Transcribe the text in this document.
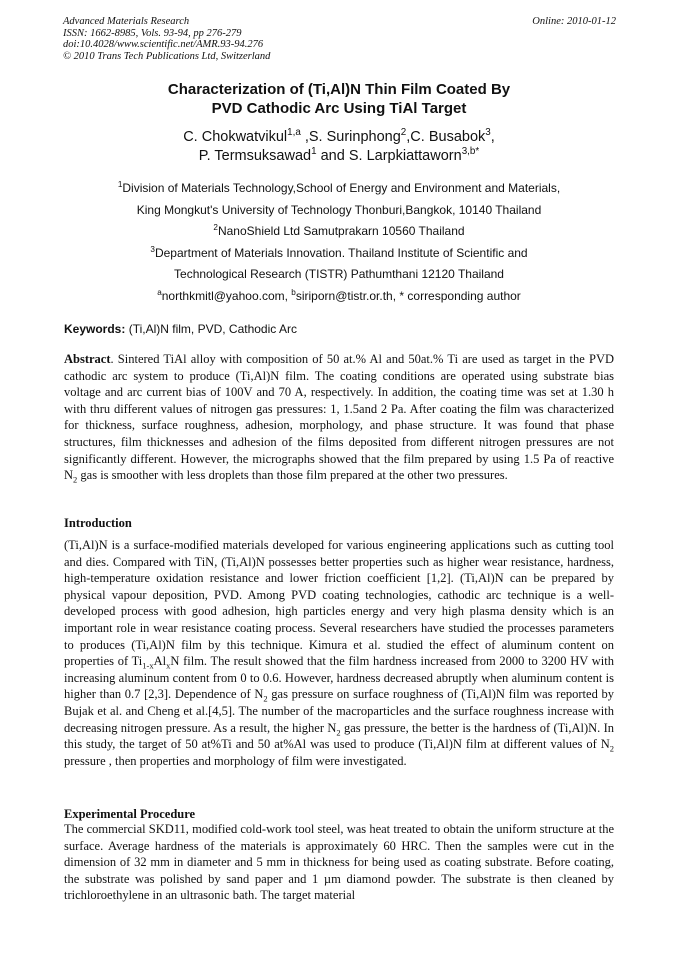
Advanced Materials Research
ISSN: 1662-8985, Vols. 93-94, pp 276-279
doi:10.4028/www.scientific.net/AMR.93-94.276
© 2010 Trans Tech Publications Ltd, Switzerland
Online: 2010-01-12
Characterization of (Ti,Al)N Thin Film Coated By
PVD Cathodic Arc Using TiAl Target
C. Chokwatvikul$^{1,a}$ ,S. Surinphong$^2$,C. Busabok$^3$,
P. Termsuksawad$^1$ and S. Larpkiattaworn$^{3,b*}$
$^1$Division of Materials Technology,School of Energy and Environment and Materials,
King Mongkut's University of Technology Thonburi,Bangkok, 10140 Thailand
$^2$NanoShield Ltd Samutprakarn 10560 Thailand
$^3$Department of Materials Innovation. Thailand Institute of Scientific and
Technological Research (TISTR) Pathumthani 12120 Thailand
$^a$northkmitl@yahoo.com, $^b$siriporn@tistr.or.th, * corresponding author
Keywords: (Ti,Al)N film, PVD, Cathodic Arc
Abstract. Sintered TiAl alloy with composition of 50 at.% Al and 50at.% Ti are used as target in the PVD cathodic arc system to produce (Ti,Al)N film. The coating conditions are operated using substrate bias voltage and arc current bias of 100V and 70 A, respectively. In addition, the coating time was set at 1.30 h with thru different values of nitrogen gas pressures: 1, 1.5and 2 Pa. After coating the film was characterized for thickness, surface roughness, adhesion, morphology, and phase structure. It was found that phase structures, film thicknesses and adhesion of the films deposited from different nitrogen pressures are not significantly different. However, the micrographs showed that the film prepared by using 1.5 Pa of reactive $N_2$ gas is smoother with less droplets than those film prepared at the other two pressures.
Introduction
(Ti,Al)N is a surface-modified materials developed for various engineering applications such as cutting tool and dies. Compared with TiN, (Ti,Al)N possesses better properties such as higher wear resistance, hardness, high-temperature oxidation resistance and lower friction coefficient [1,2]. (Ti,Al)N can be prepared by physical vapour deposition, PVD. Among PVD coating technologies, cathodic arc technique is a well-developed process with good adhesion, high particles energy and very high plasma density which is an important role in wear resistance coating process. Several researchers have studied the processes parameters to produces (Ti,Al)N film by this technique. Kimura et al. studied the effect of aluminum content on properties of $Ti_{1-x}Al_xN$ film. The result showed that the film hardness increased from 2000 to 3200 HV with increasing aluminum content from 0 to 0.6. However, hardness decreased abruptly when aluminum content is higher than 0.7 [2,3]. Dependence of $N_2$ gas pressure on surface roughness of (Ti,Al)N film was reported by Bujak et al. and Cheng et al.[4,5]. The number of the macroparticles and the surface roughness increase with decreasing nitrogen pressure. As a result, the higher $N_2$ gas pressure, the better is the hardness of (Ti,Al)N. In this study, the target of 50 at%Ti and 50 at%Al was used to produce (Ti,Al)N film at different values of $N_2$ pressure , then properties and morphology of film were investigated.
Experimental Procedure
The commercial SKD11, modified cold-work tool steel, was heat treated to obtain the uniform structure at the surface. Average hardness of the materials is approximately 60 HRC. Then the samples were cut in the dimension of 32 mm in diameter and 5 mm in thickness for being used as coating substrate. Before coating, the substrate was polished by sand paper and 1 µm diamond powder. The substrate is then cleaned by trichloroethylene in an ultrasonic bath. The target material
